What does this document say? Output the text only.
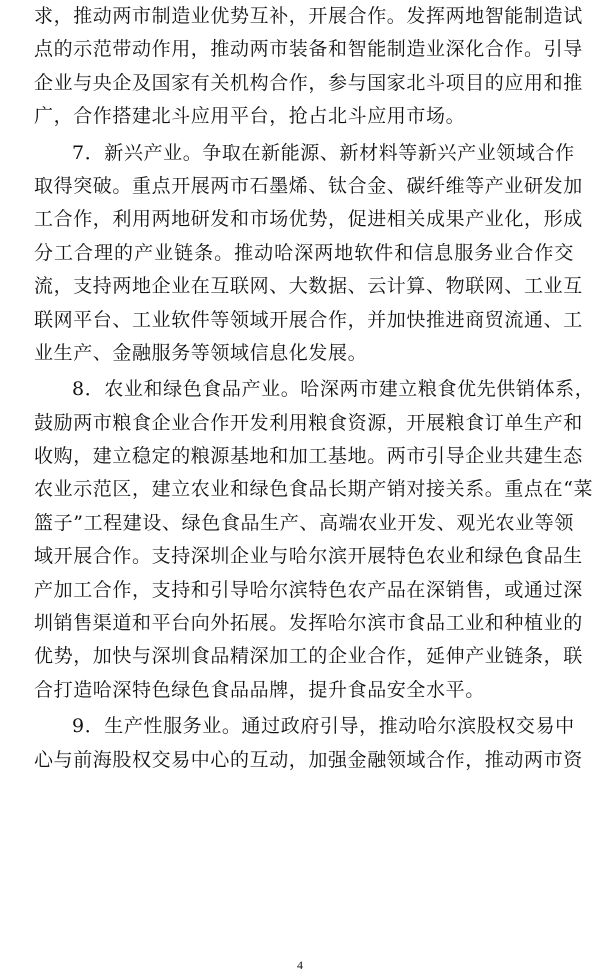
求，推动两市制造业优势互补，开展合作。发挥两地智能制造试
点的示范带动作用，推动两市装备和智能制造业深化合作。引导
企业与央企及国家有关机构合作，参与国家北斗项目的应用和推
广，合作搭建北斗应用平台，抢占北斗应用市场。
7．新兴产业。争取在新能源、新材料等新兴产业领域合作
取得突破。重点开展两市石墨烯、钛合金、碳纤维等产业研发加
工合作，利用两地研发和市场优势，促进相关成果产业化，形成
分工合理的产业链条。推动哈深两地软件和信息服务业合作交
流，支持两地企业在互联网、大数据、云计算、物联网、工业互
联网平台、工业软件等领域开展合作，并加快推进商贸流通、工
业生产、金融服务等领域信息化发展。
8．农业和绿色食品产业。哈深两市建立粮食优先供销体系，
鼓励两市粮食企业合作开发利用粮食资源，开展粮食订单生产和
收购，建立稳定的粮源基地和加工基地。两市引导企业共建生态
农业示范区，建立农业和绿色食品长期产销对接关系。重点在“菜
篮子”工程建设、绿色食品生产、高端农业开发、观光农业等领
域开展合作。支持深圳企业与哈尔滨开展特色农业和绿色食品生
产加工合作，支持和引导哈尔滨特色农产品在深销售，或通过深
圳销售渠道和平台向外拓展。发挥哈尔滨市食品工业和种植业的
优势，加快与深圳食品精深加工的企业合作，延伸产业链条，联
合打造哈深特色绿色食品品牌，提升食品安全水平。
9．生产性服务业。通过政府引导，推动哈尔滨股权交易中
心与前海股权交易中心的互动，加强金融领域合作，推动两市资
4
